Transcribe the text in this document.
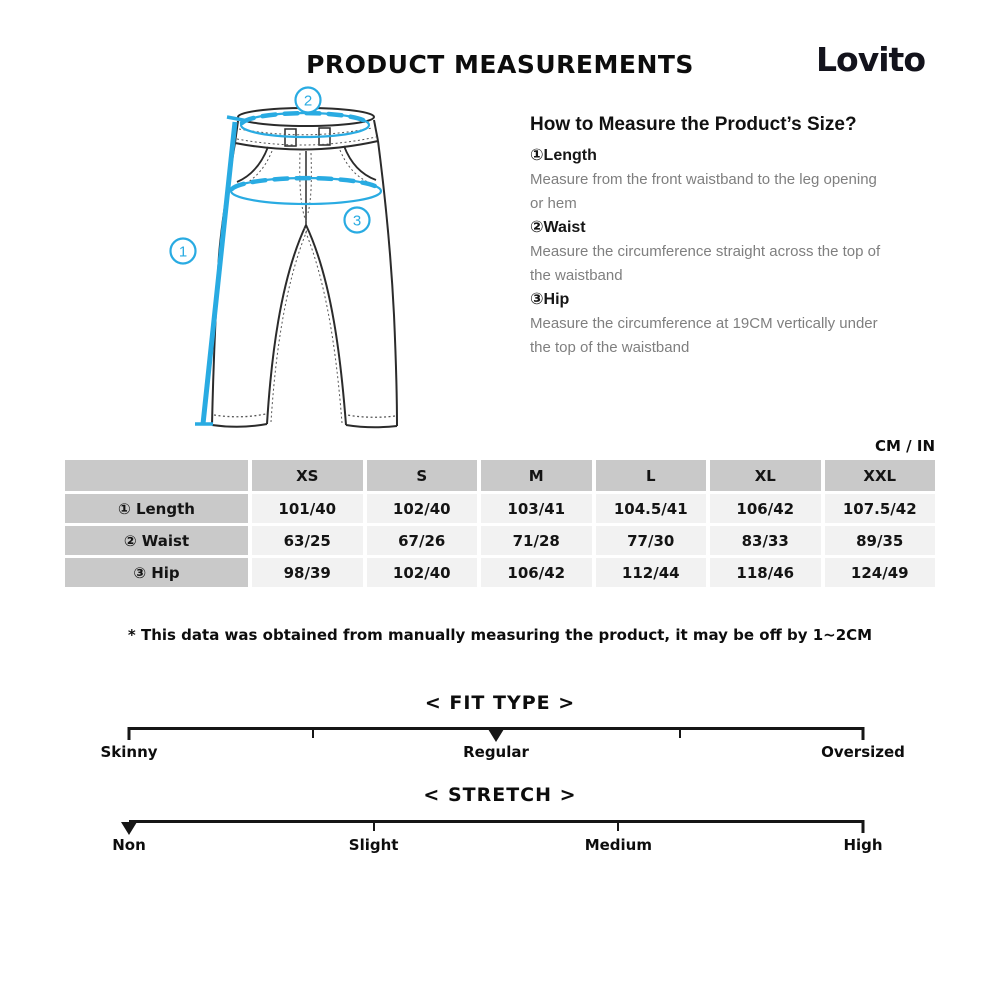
PRODUCT MEASUREMENTS	Lovito
1
2
3
How to Measure the Product’s Size?
①Length
Measure from the front waistband to the leg opening or hem
②Waist
Measure the circumference straight across the top of the waistband
③Hip
Measure the circumference at 19CM vertically under the top of the waistband
CM / IN
XS	S	M	L	XL	XXL
① Length	101/40	102/40	103/41	104.5/41	106/42	107.5/42
② Waist	63/25	67/26	71/28	77/30	83/33	89/35
③ Hip	98/39	102/40	106/42	112/44	118/46	124/49
* This data was obtained from manually measuring the product, it may be off by 1~2CM
< FIT TYPE >
Skinny	Regular	Oversized
< STRETCH >
Non	Slight	Medium	High
